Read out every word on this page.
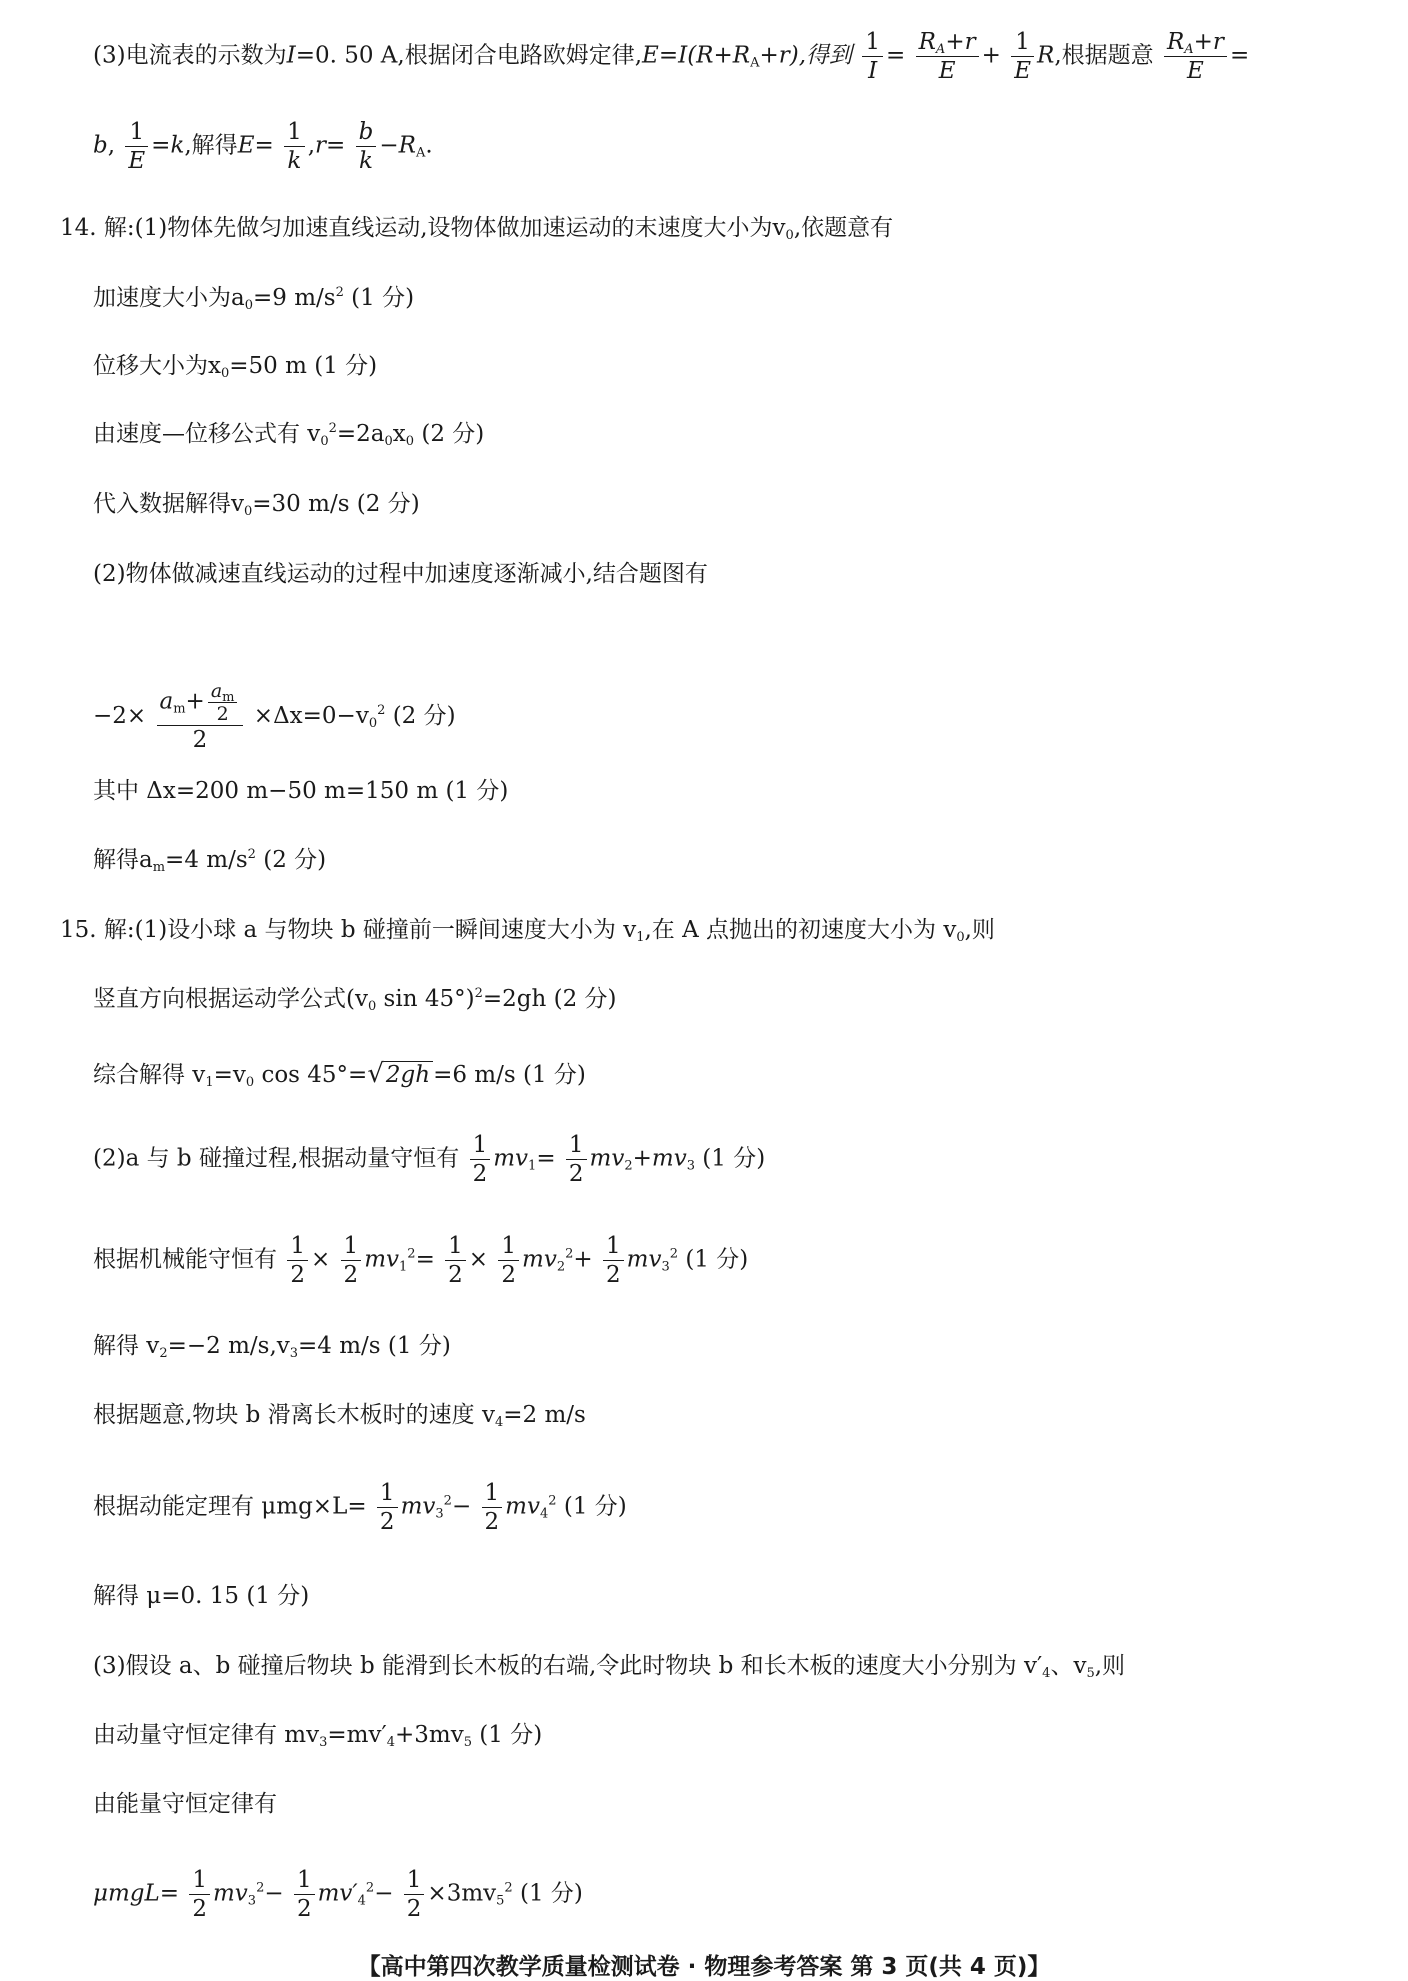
(3)电流表的示数为I=0. 50 A,根据闭合电路欧姆定律$,E=I(R+R_A+r)$,得到 $\frac{1}{I} = \frac{R_A+r}{E} + \frac{1}{E} R$,根据题意 $\frac{R_A+r}{E}$ =
b, $\frac{1}{E} =k$,解得$E= \frac{1}{k} ,r= \frac{b}{k} -R_A$.
14. 解:(1)物体先做匀加速直线运动,设物体做加速运动的末速度大小为$v_0$,依题意有
加速度大小为$a_0=9$ $m/s^2$ (1 分)
位移大小为$x_0=50$ m (1 分)
由速度—位移公式有 $v_0^2=2a_0x_0$ (2 分)
代入数据解得$v_0=30$ m/s (2 分)
(2)物体做减速直线运动的过程中加速度逐渐减小,结合题图有
$-2\times \frac{a_m+ \frac{a_m}{2}}{2} \times\Delta x=0-v_0^2$ (2 分)
其中 Δx=200 m−50 m=150 m (1 分)
解得$a_m=4$ $m/s^2$ (2 分)
15. 解:(1)设小球 a 与物块 b 碰撞前一瞬间速度大小为 $v_1$,在 A 点抛出的初速度大小为 $v_0$,则
竖直方向根据运动学公式($v_0$ sin 45°)$^2$=2gh (2 分)
综合解得 $v_1=v_0$ cos 45°=√2gh =6 m/s (1 分)
(2)a 与 b 碰撞过程,根据动量守恒有 $\frac{1}{2} mv_1= \frac{1}{2} mv_2+mv_3$ (1 分)
根据机械能守恒有 $\frac{1}{2} \times \frac{1}{2} mv_1^2= \frac{1}{2} \times \frac{1}{2} mv_2^2+ \frac{1}{2} mv_3^2$ (1 分)
解得 $v_2=-2$ $m/s,v_3=4$ m/s (1 分)
根据题意,物块 b 滑离长木板时的速度 $v_4=2$ m/s
根据动能定理有 $\mu mg\times L= \frac{1}{2} mv_3^2- \frac{1}{2} mv_4^2$ (1 分)
解得 μ=0. 15 (1 分)
(3)假设 a、b 碰撞后物块 b 能滑到长木板的右端,令此时物块 b 和长木板的速度大小分别为 $v'_4$、$v_5$,则
由动量守恒定律有 $mv_3=mv'_4+3mv_5$ (1 分)
由能量守恒定律有
$\mu mgL= \frac{1}{2} mv_3^2- \frac{1}{2} mv'_4^2- \frac{1}{2} \times 3mv_5^2$ (1 分)
【高中第四次教学质量检测试卷 · 物理参考答案 第 3 页(共 4 页)】
